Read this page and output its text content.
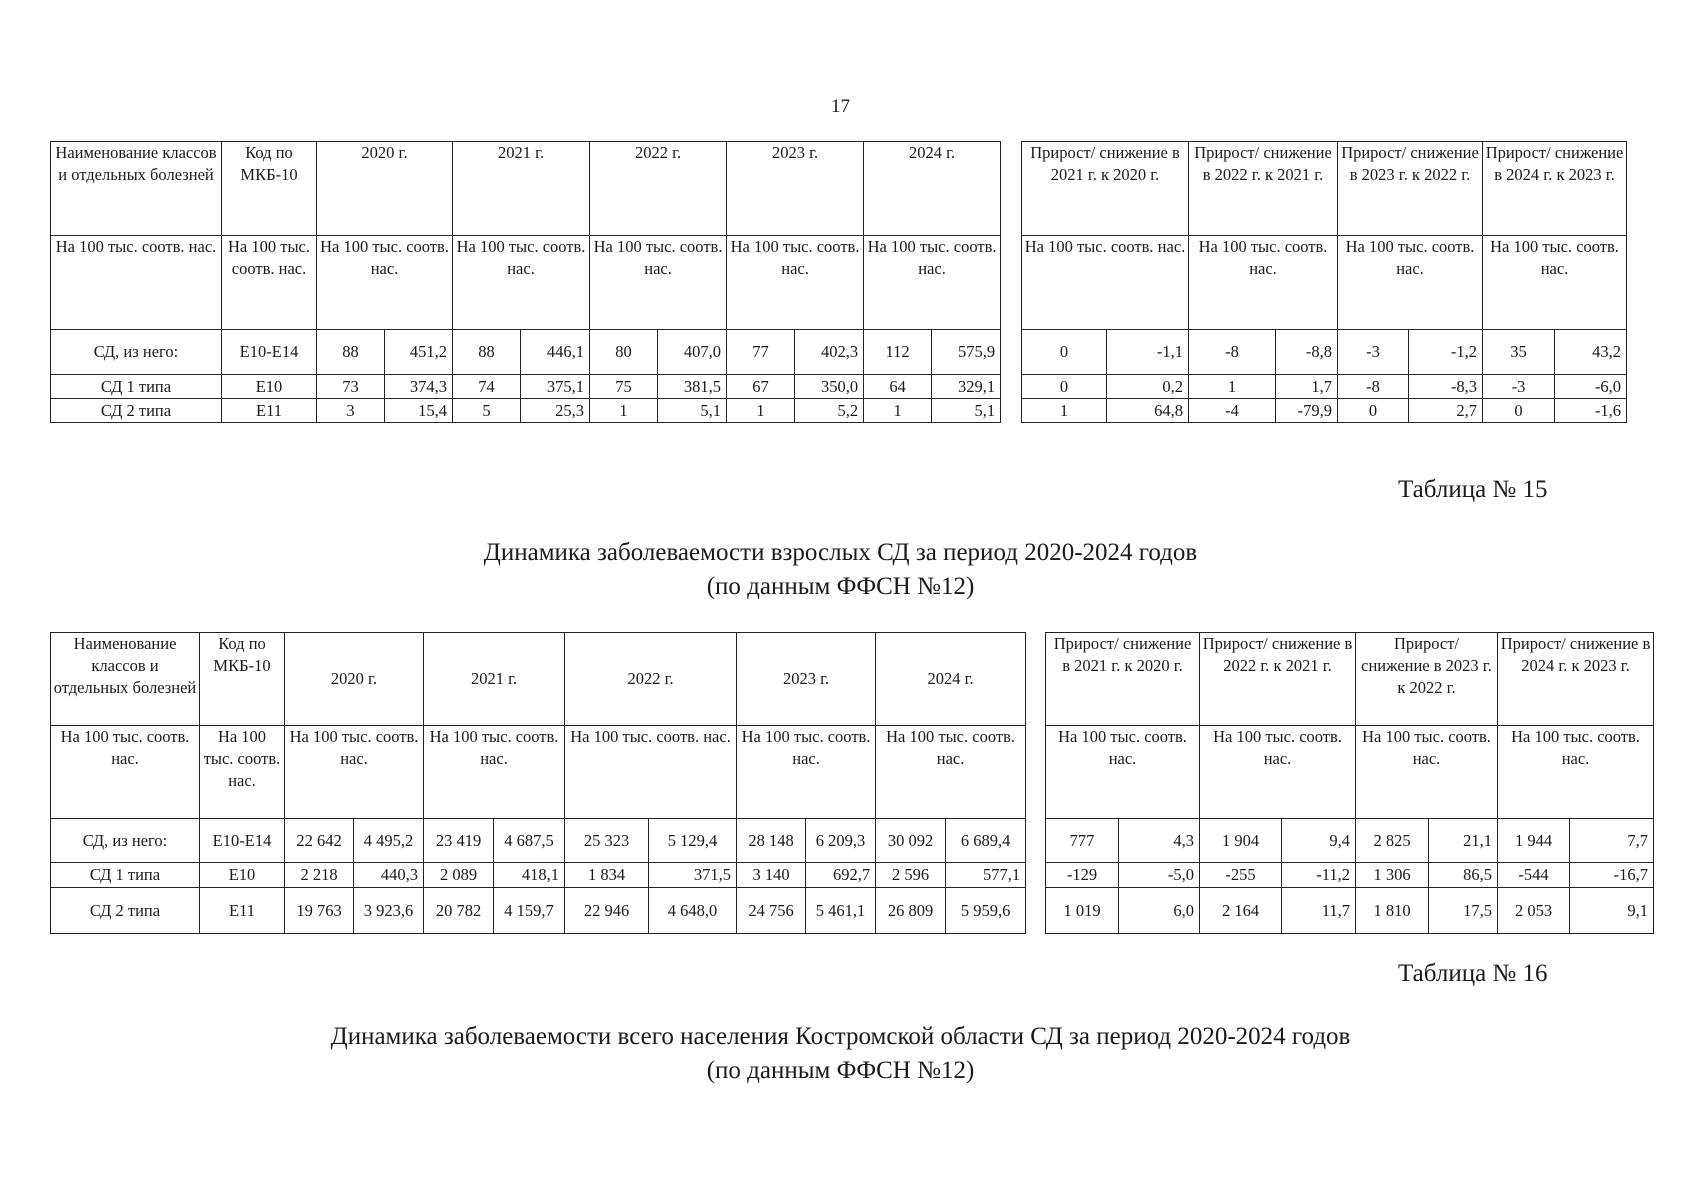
17
Наименование классов и отдельных болезней	Код по МКБ-10	2020 г.		2021 г.		2022 г.		2023 г.		2024 г.	
На 100 тыс. соотв. нас.	На 100 тыс. соотв. нас.	На 100 тыс. соотв. нас.		На 100 тыс. соотв. нас.		На 100 тыс. соотв. нас.		На 100 тыс. соотв. нас.		На 100 тыс. соотв. нас.	
СД, из него:	Е10-Е14	88	451,2	88	446,1	80	407,0	77	402,3	112	575,9
СД 1 типа	Е10	73	374,3	74	375,1	75	381,5	67	350,0	64	329,1
СД 2 типа	Е11	3	15,4	5	25,3	1	5,1	1	5,2	1	5,1
Прирост/ снижение в 2021 г. к 2020 г.		Прирост/ снижение в 2022 г. к 2021 г.		Прирост/ снижение в 2023 г. к 2022 г.		Прирост/ снижение в 2024 г. к 2023 г.	
На 100 тыс. соотв. нас.		На 100 тыс. соотв. нас.		На 100 тыс. соотв. нас.		На 100 тыс. соотв. нас.	
0	-1,1	-8	-8,8	-3	-1,2	35	43,2
0	0,2	1	1,7	-8	-8,3	-3	-6,0
1	64,8	-4	-79,9	0	2,7	0	-1,6
Таблица № 15
Динамика заболеваемости взрослых СД за период 2020-2024 годов
(по данным ФФСН №12)
Наименование классов и отдельных болезней	Код по МКБ-10	2020 г.		2021 г.		2022 г.		2023 г.		2024 г.	
На 100 тыс. соотв. нас.	На 100 тыс. соотв. нас.	На 100 тыс. соотв. нас.		На 100 тыс. соотв. нас.		На 100 тыс. соотв. нас.		На 100 тыс. соотв. нас.		На 100 тыс. соотв. нас.	
СД, из него:	Е10-Е14	22 642	4 495,2	23 419	4 687,5	25 323	5 129,4	28 148	6 209,3	30 092	6 689,4
СД 1 типа	Е10	2 218	440,3	2 089	418,1	1 834	371,5	3 140	692,7	2 596	577,1
СД 2 типа	Е11	19 763	3 923,6	20 782	4 159,7	22 946	4 648,0	24 756	5 461,1	26 809	5 959,6
Прирост/ снижение в 2021 г. к 2020 г.		Прирост/ снижение в 2022 г. к 2021 г.		Прирост/ снижение в 2023 г. к 2022 г.		Прирост/ снижение в 2024 г. к 2023 г.	
На 100 тыс. соотв. нас.		На 100 тыс. соотв. нас.		На 100 тыс. соотв. нас.		На 100 тыс. соотв. нас.	
777	4,3	1 904	9,4	2 825	21,1	1 944	7,7
-129	-5,0	-255	-11,2	1 306	86,5	-544	-16,7
1 019	6,0	2 164	11,7	1 810	17,5	2 053	9,1
Таблица № 16
Динамика заболеваемости всего населения Костромской области СД за период 2020-2024 годов
(по данным ФФСН №12)
